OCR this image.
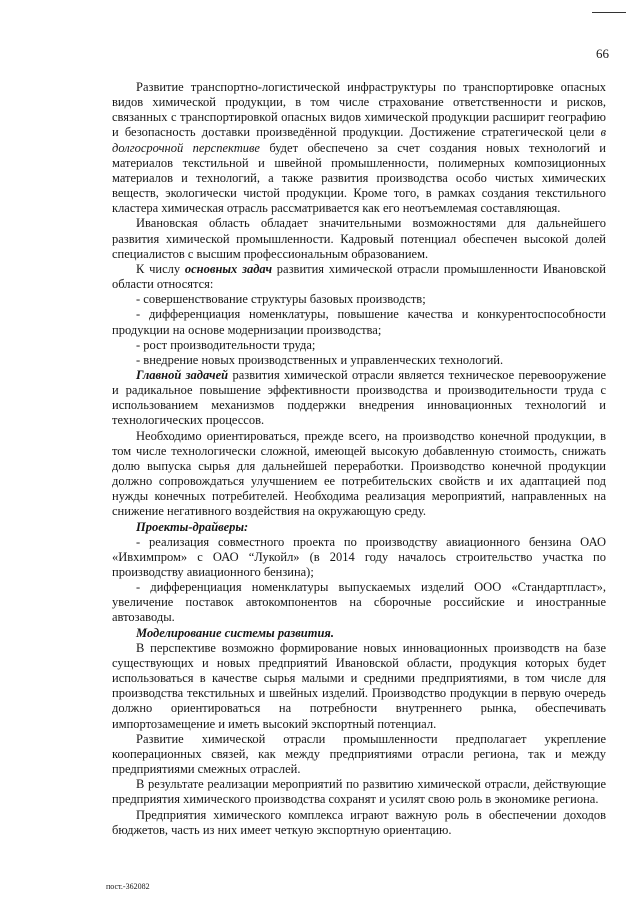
66

Развитие транспортно-логистической инфраструктуры по транспортировке опасных видов химической продукции, в том числе страхование ответственности и рисков, связанных с транспортировкой опасных видов химической продукции расширит географию и безопасность доставки произведённой продукции. Достижение стратегической цели в долгосрочной перспективе будет обеспечено за счет создания новых технологий и материалов текстильной и швейной промышленности, полимерных композиционных материалов и технологий, а также развития производства особо чистых химических веществ, экологически чистой продукции. Кроме того, в рамках создания текстильного кластера химическая отрасль рассматривается как его неотъемлемая составляющая.

Ивановская область обладает значительными возможностями для дальнейшего развития химической промышленности. Кадровый потенциал обеспечен высокой долей специалистов с высшим профессиональным образованием.

К числу основных задач развития химической отрасли промышленности Ивановской области относятся:

- совершенствование структуры базовых производств;

- дифференциация номенклатуры, повышение качества и конкурентоспособности продукции на основе модернизации производства;

- рост производительности труда;

- внедрение новых производственных и управленческих технологий.

Главной задачей развития химической отрасли является техническое перевооружение и радикальное повышение эффективности производства и производительности труда с использованием механизмов поддержки внедрения инновационных технологий и технологических процессов.

Необходимо ориентироваться, прежде всего, на производство конечной продукции, в том числе технологически сложной, имеющей высокую добавленную стоимость, снижать долю выпуска сырья для дальнейшей переработки. Производство конечной продукции должно сопровождаться улучшением ее потребительских свойств и их адаптацией под нужды конечных потребителей. Необходима реализация мероприятий, направленных на снижение негативного воздействия на окружающую среду.

Проекты-драйверы:

- реализация совместного проекта по производству авиационного бензина ОАО «Ивхимпром» с ОАО “Лукойл» (в 2014 году началось строительство участка по производству авиационного бензина);

- дифференциация номенклатуры выпускаемых изделий ООО «Стандартпласт», увеличение поставок автокомпонентов на сборочные российские и иностранные автозаводы.

Моделирование системы развития.

В перспективе возможно формирование новых инновационных производств на базе существующих и новых предприятий Ивановской области, продукция которых будет использоваться в качестве сырья малыми и средними предприятиями, в том числе для производства текстильных и швейных изделий. Производство продукции в первую очередь должно ориентироваться на потребности внутреннего рынка, обеспечивать импортозамещение и иметь высокий экспортный потенциал.

Развитие химической отрасли промышленности предполагает укрепление кооперационных связей, как между предприятиями отрасли региона, так и между предприятиями смежных отраслей.

В результате реализации мероприятий по развитию химической отрасли, действующие предприятия химического производства сохранят и усилят свою роль в экономике региона.

Предприятия химического комплекса играют важную роль в обеспечении доходов бюджетов, часть из них имеет четкую экспортную ориентацию.

пост.-362082
